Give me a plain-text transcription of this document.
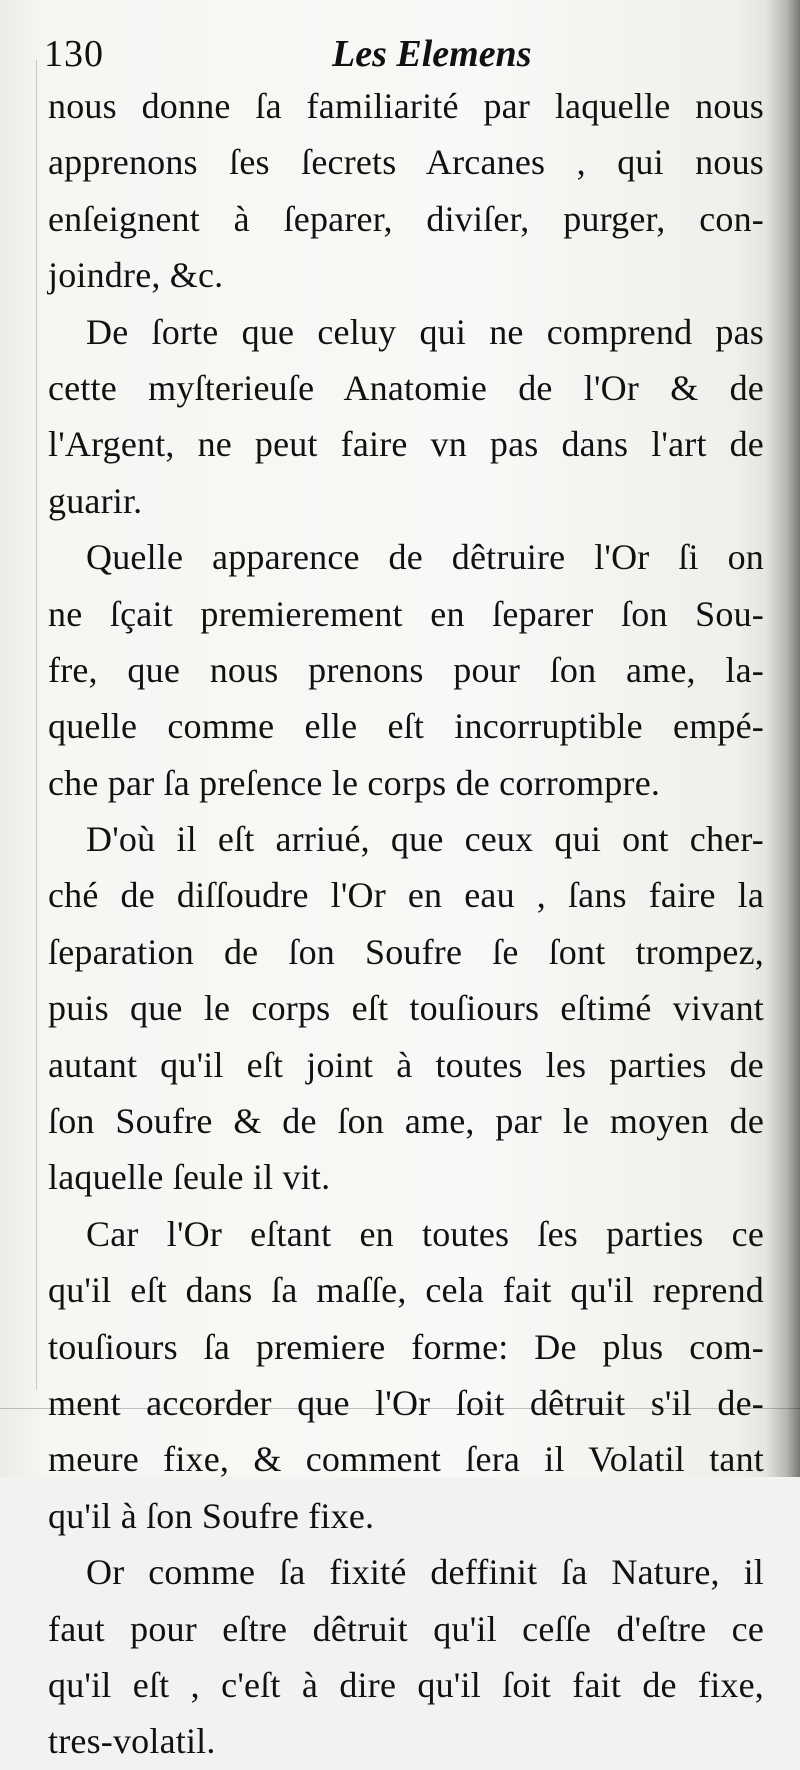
130	Les Elemens
nous donne ſa familiarité par laquelle nous
apprenons ſes ſecrets Arcanes , qui nous
enſeignent à ſeparer, diviſer, purger, con-
joindre, &c.
De ſorte que celuy qui ne comprend pas
cette myſterieuſe Anatomie de l'Or & de
l'Argent, ne peut faire vn pas dans l'art de
guarir.
Quelle apparence de dêtruire l'Or ſi on
ne ſçait premierement en ſeparer ſon Sou-
fre, que nous prenons pour ſon ame, la-
quelle comme elle eſt incorruptible empé-
che par ſa preſence le corps de corrompre.
D'où il eſt arriué, que ceux qui ont cher-
ché de diſſoudre l'Or en eau , ſans faire la
ſeparation de ſon Soufre ſe ſont trompez,
puis que le corps eſt touſiours eſtimé vivant
autant qu'il eſt joint à toutes les parties de
ſon Soufre & de ſon ame, par le moyen de
laquelle ſeule il vit.
Car l'Or eſtant en toutes ſes parties ce
qu'il eſt dans ſa maſſe, cela fait qu'il reprend
touſiours ſa premiere forme: De plus com-
ment accorder que l'Or ſoit dêtruit s'il de-
meure fixe, & comment ſera il Volatil tant
qu'il à ſon Soufre fixe.
Or comme ſa fixité deffinit ſa Nature, il
faut pour eſtre dêtruit qu'il ceſſe d'eſtre ce
qu'il eſt , c'eſt à dire qu'il ſoit fait de fixe,
tres-volatil.
